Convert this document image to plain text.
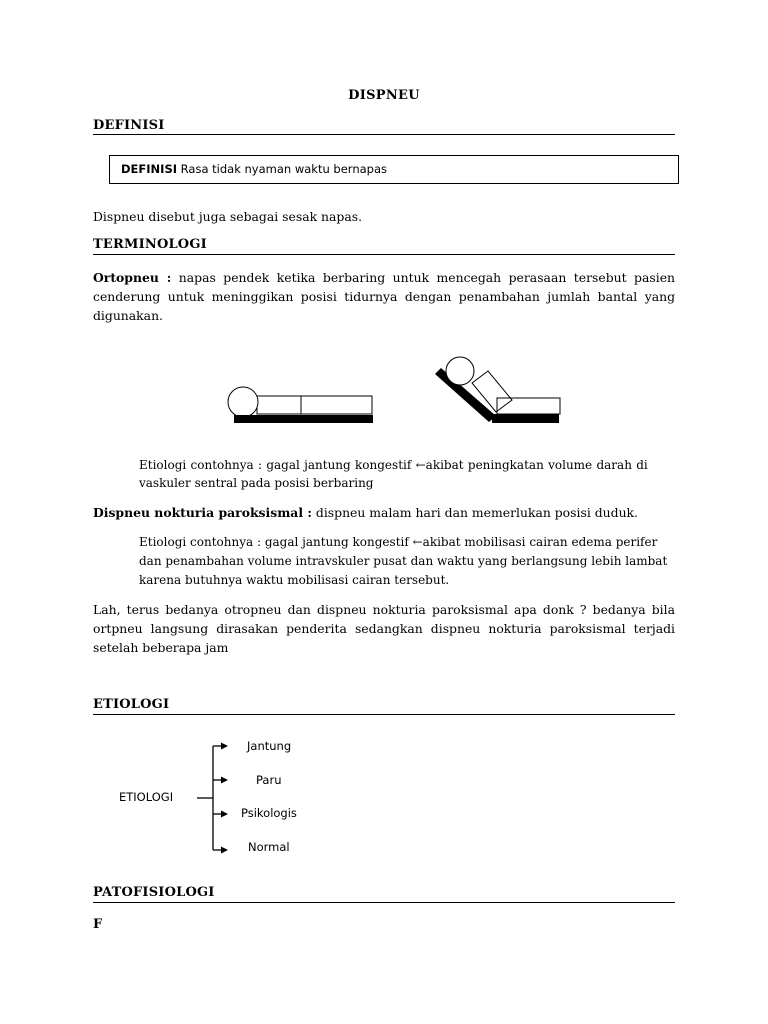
DISPNEU
DEFINISI
DEFINISI Rasa tidak nyaman waktu bernapas
Dispneu disebut juga sebagai sesak napas.
TERMINOLOGI
Ortopneu : napas pendek ketika berbaring untuk mencegah perasaan tersebut pasien cenderung untuk meninggikan posisi tidurnya dengan penambahan jumlah bantal yang digunakan.
Etiologi contohnya : gagal jantung kongestif ←akibat peningkatan volume darah di
vaskuler sentral pada posisi berbaring
Dispneu nokturia paroksismal : dispneu malam hari dan memerlukan posisi duduk.
Etiologi contohnya : gagal jantung kongestif ←akibat mobilisasi cairan edema perifer
dan penambahan volume intravskuler pusat dan waktu yang berlangsung lebih lambat
karena butuhnya waktu mobilisasi cairan tersebut.
Lah, terus bedanya otropneu dan dispneu nokturia paroksismal apa donk ? bedanya bila ortpneu langsung dirasakan penderita sedangkan dispneu nokturia paroksismal terjadi setelah beberapa jam
ETIOLOGI
ETIOLOGI
Jantung
Paru
Psikologis
Normal
PATOFISIOLOGI
F
